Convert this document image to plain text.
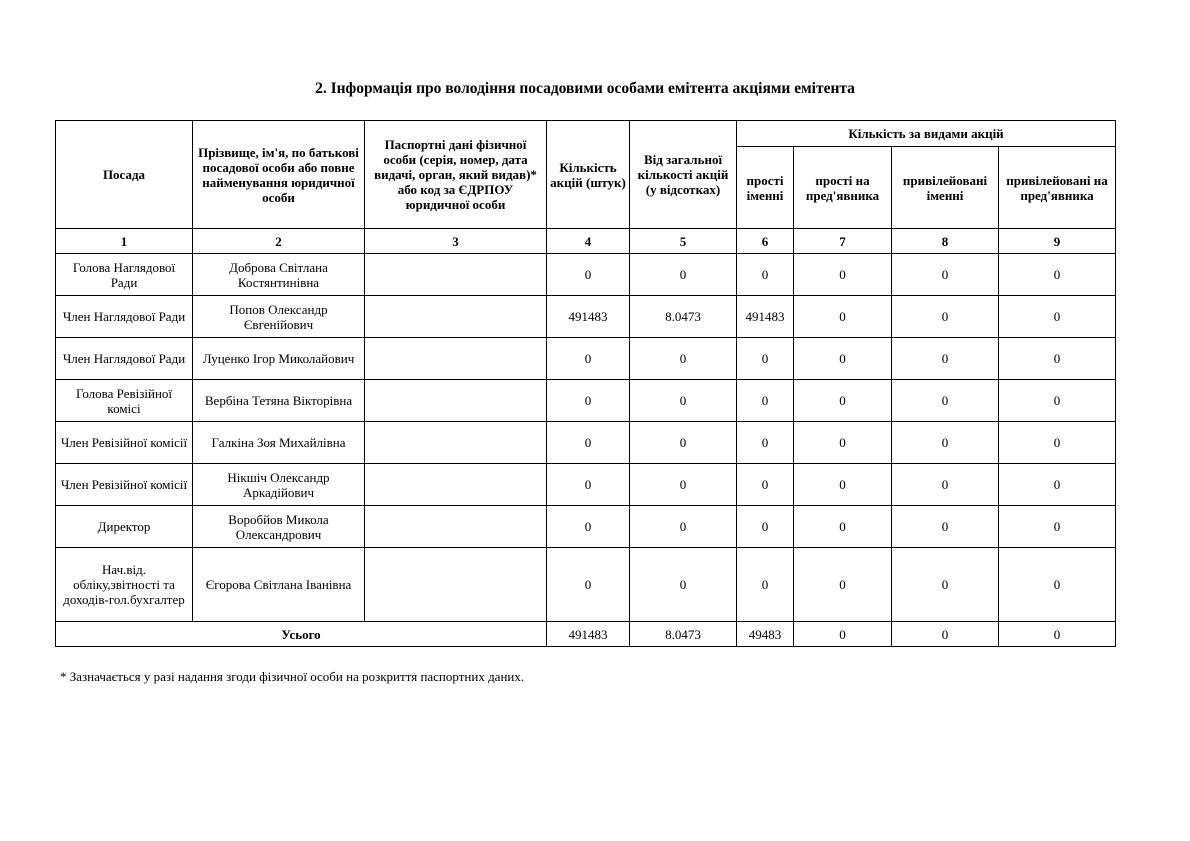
2. Інформація про володіння посадовими особами емітента акціями емітента
Посада	Прізвище, ім'я, по батькові посадової особи або повне найменування юридичної особи	Паспортні дані фізичної особи (серія, номер, дата видачі, орган, який видав)* або код за ЄДРПОУ юридичної особи	Кількість акцій (штук)	Від загальної кількості акцій (у відсотках)	Кількість за видами акцій			
					прості іменні	прості на пред'явника	привілейовані іменні	привілейовані на пред'явника
1	2	3	4	5	6	7	8	9
Голова Наглядової Ради	Доброва Світлана Костянтинівна		0	0	0	0	0	0
Член Наглядової Ради	Попов Олександр Євгенійович		491483	8.0473	491483	0	0	0
Член Наглядової Ради	Луценко Ігор Миколайович		0	0	0	0	0	0
Голова Ревізійної комісі	Вербіна Тетяна Вікторівна		0	0	0	0	0	0
Член Ревізійної комісії	Галкіна Зоя Михайлівна		0	0	0	0	0	0
Член Ревізійної комісії	Нікшіч Олександр Аркадійович		0	0	0	0	0	0
Директор	Воробйов Микола Олександрович		0	0	0	0	0	0
Нач.від. обліку,звітності та доходів-гол.бухгалтер	Єгорова Світлана Іванівна		0	0	0	0	0	0
Усього			491483	8.0473	49483	0	0	0
* Зазначається у разі надання згоди фізичної особи на розкриття паспортних даних.
